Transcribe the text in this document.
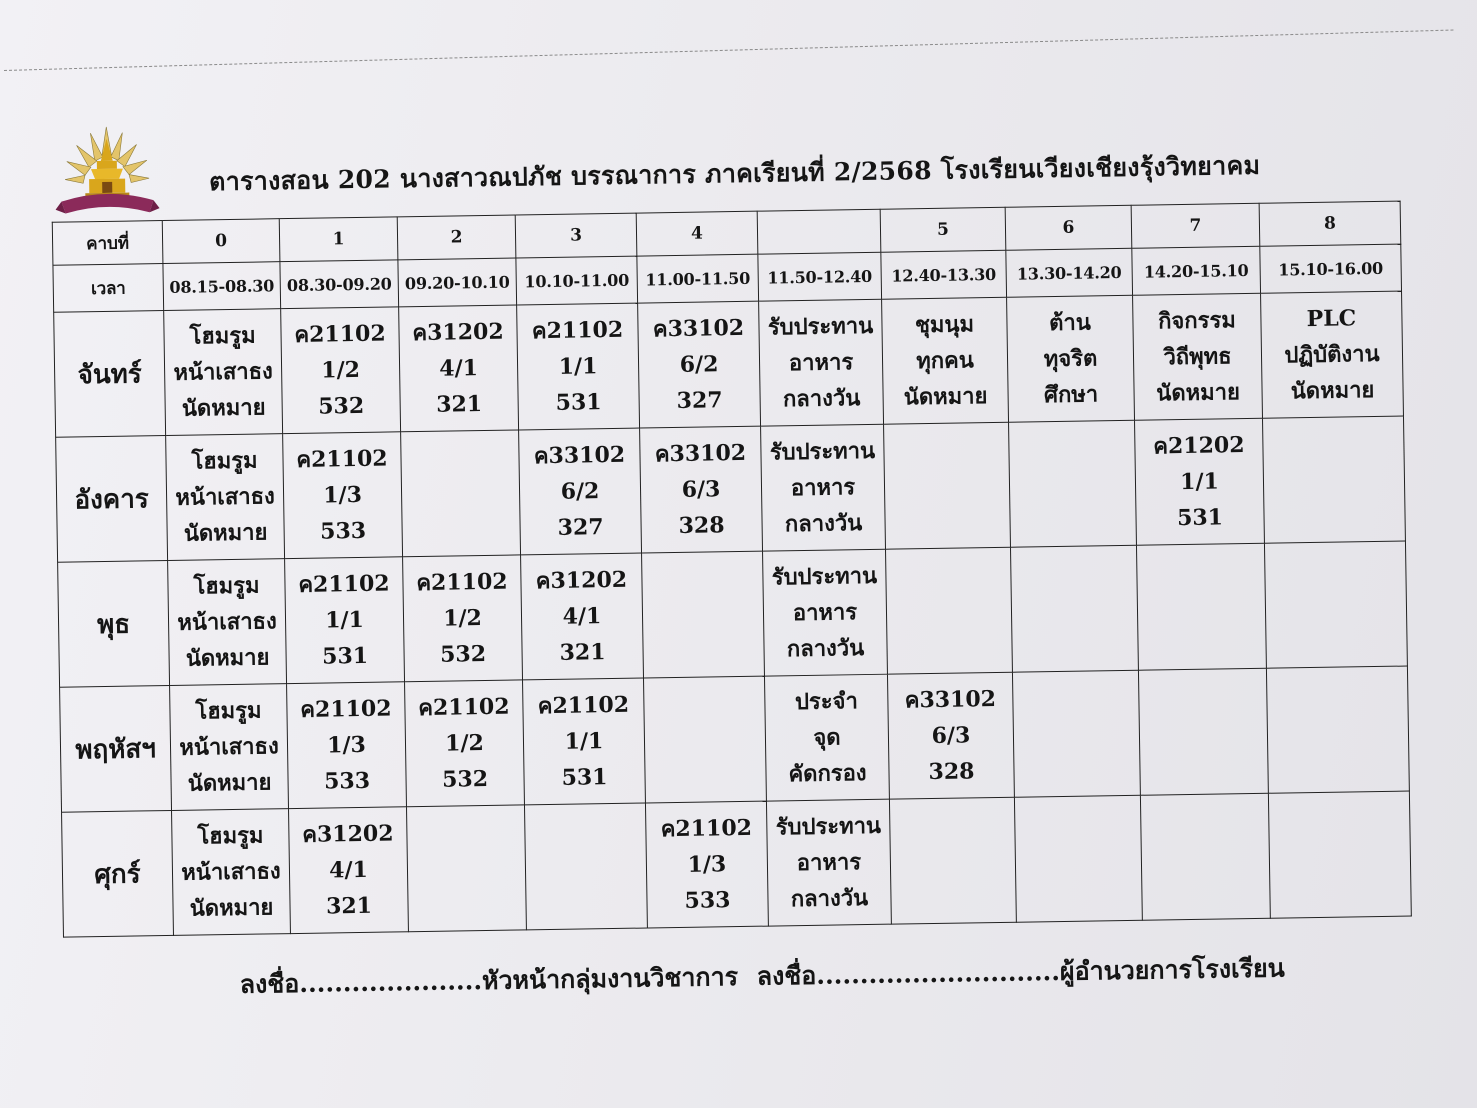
ตารางสอน 202 นางสาวณปภัช บรรณาการ ภาคเรียนที่ 2/2568 โรงเรียนเวียงเชียงรุ้งวิทยาคม
คาบที่	0	1	2	3	4		5	6	7	8
เวลา	08.15-08.30	08.30-09.20	09.20-10.10	10.10-11.00	11.00-11.50	11.50-12.40	12.40-13.30	13.30-14.20	14.20-15.10	15.10-16.00
จันทร์	โฮมรูม
หน้าเสาธง
นัดหมาย	ค21102
1/2
532	ค31202
4/1
321	ค21102
1/1
531	ค33102
6/2
327	รับประทาน
อาหาร
กลางวัน	ชุมนุม
ทุกคน
นัดหมาย	ต้าน
ทุจริต
ศึกษา	กิจกรรม
วิถีพุทธ
นัดหมาย	PLC
ปฏิบัติงาน
นัดหมาย

อังคาร	โฮมรูม
หน้าเสาธง
นัดหมาย	ค21102
1/3
533		ค33102
6/2
327	ค33102
6/3
328	รับประทาน
อาหาร
กลางวัน			ค21202
1/1
531	

พุธ	โฮมรูม
หน้าเสาธง
นัดหมาย	ค21102
1/1
531	ค21102
1/2
532	ค31202
4/1
321		รับประทาน
อาหาร
กลางวัน				

พฤหัสฯ	โฮมรูม
หน้าเสาธง
นัดหมาย	ค21102
1/3
533	ค21102
1/2
532	ค21102
1/1
531		ประจำ
จุด
คัดกรอง	ค33102
6/3
328			

ศุกร์	โฮมรูม
หน้าเสาธง
นัดหมาย	ค31202
4/1
321			ค21102
1/3
533	รับประทาน
อาหาร
กลางวัน				

ลงชื่อ.....................หัวหน้ากลุ่มงานวิชาการ ลงชื่อ............................ผู้อำนวยการโรงเรียน
